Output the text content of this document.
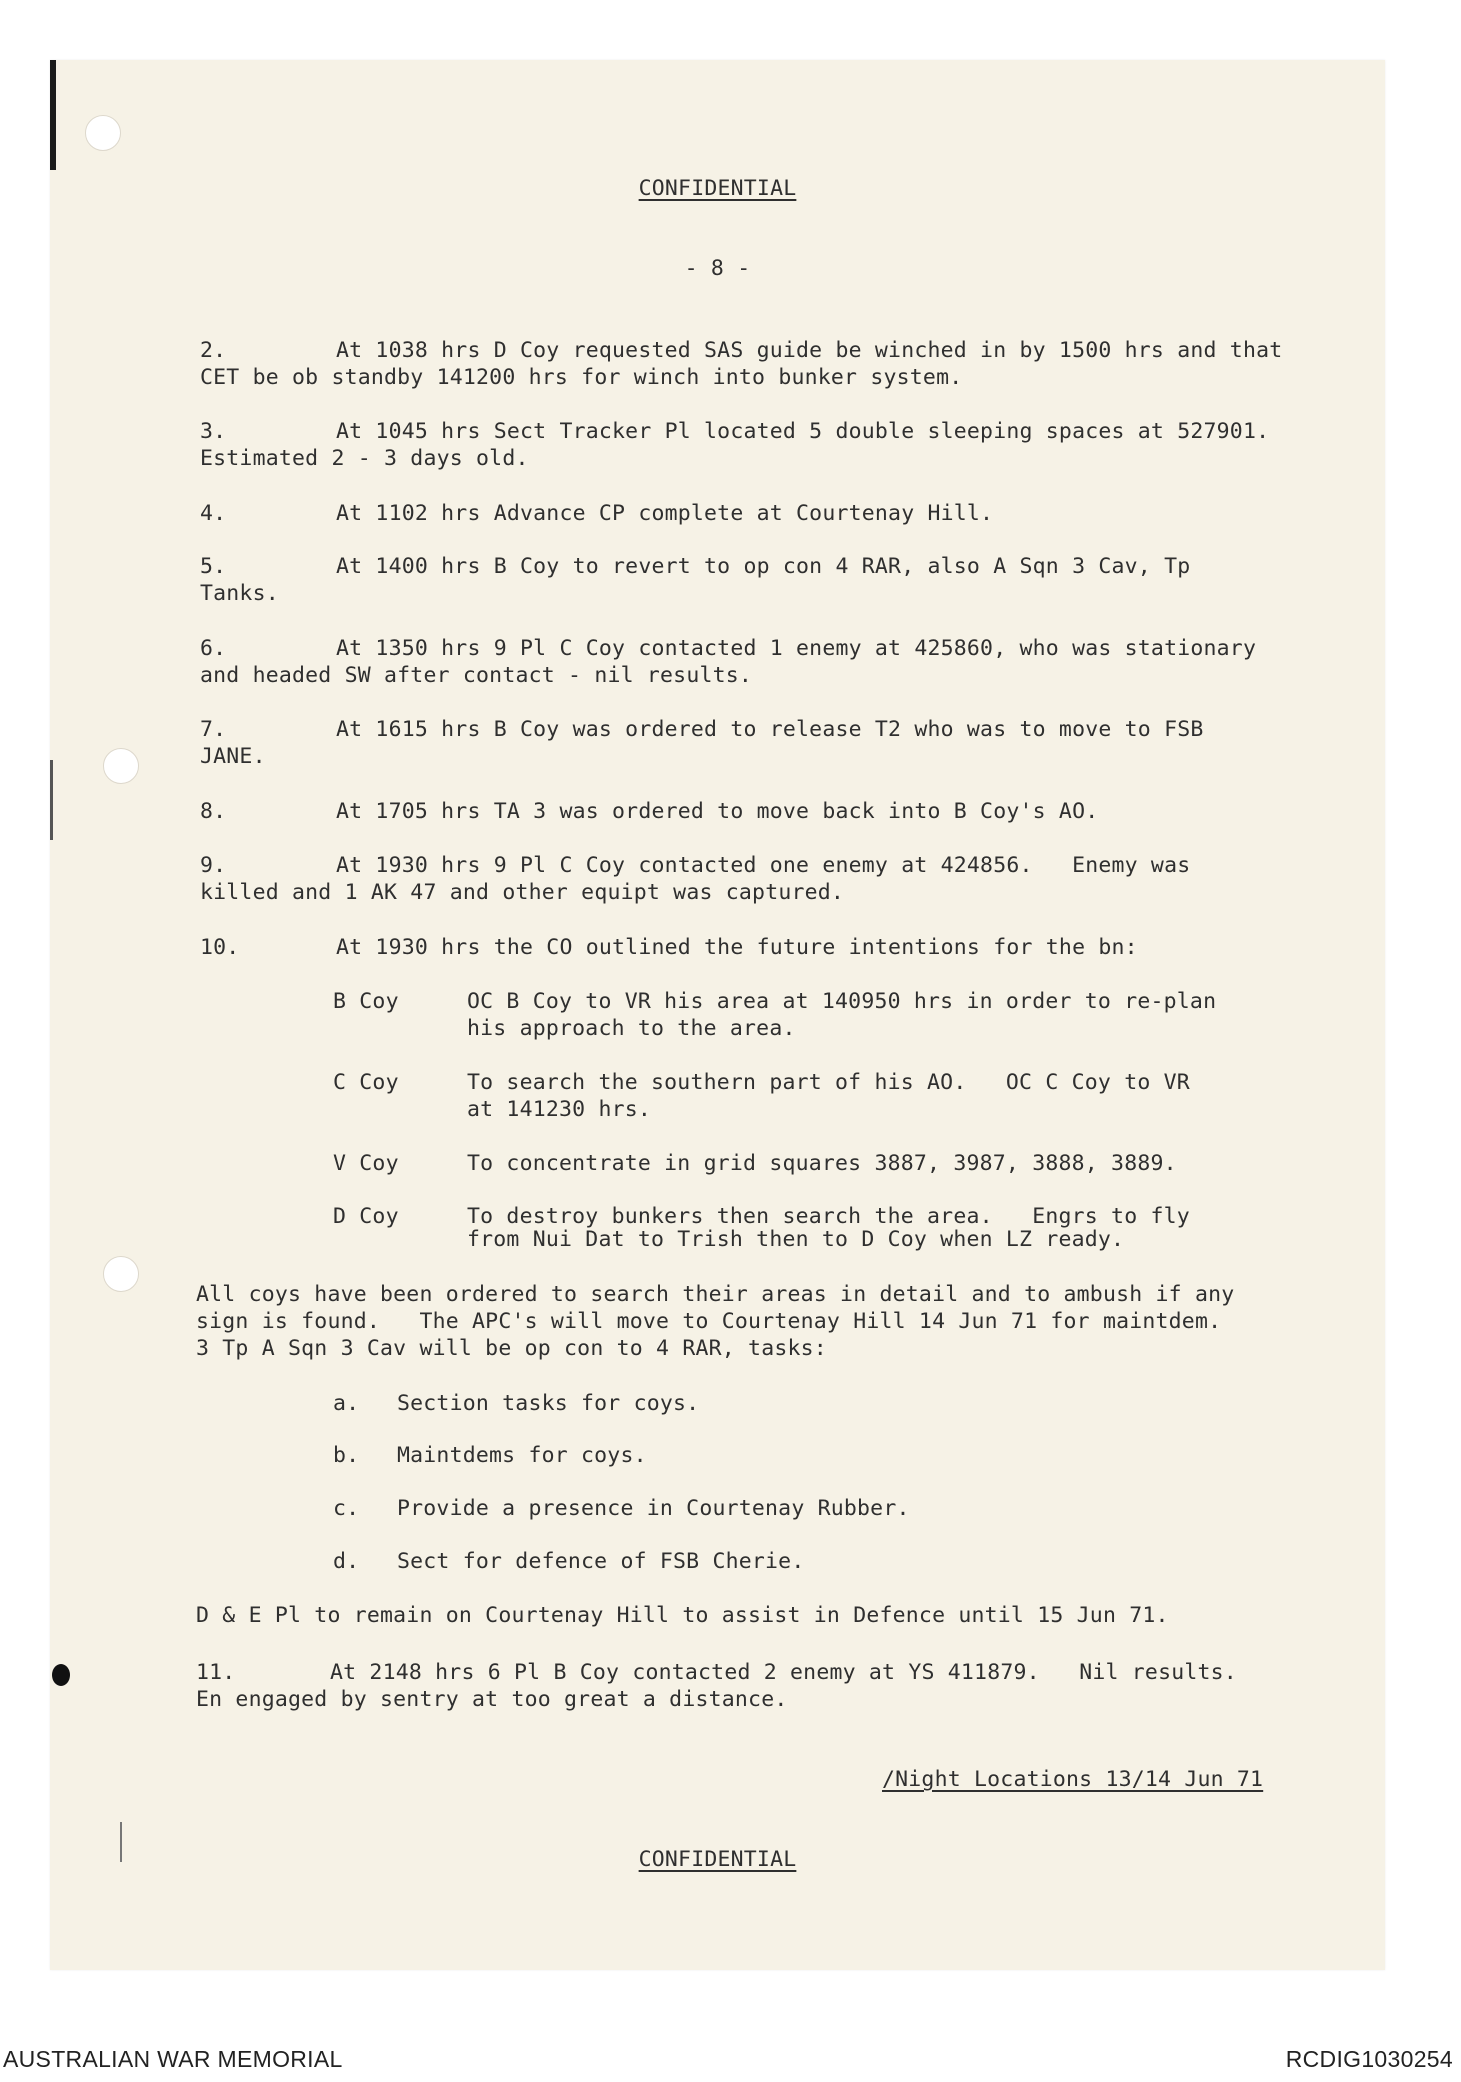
CONFIDENTIAL
- 8 -
2.	At 1038 hrs D Coy requested SAS guide be winched in by 1500 hrs and that
CET be ob standby 141200 hrs for winch into bunker system.
3.	At 1045 hrs Sect Tracker Pl located 5 double sleeping spaces at 527901.
Estimated 2 - 3 days old.
4.	At 1102 hrs Advance CP complete at Courtenay Hill.
5.	At 1400 hrs B Coy to revert to op con 4 RAR, also A Sqn 3 Cav, Tp
Tanks.
6.	At 1350 hrs 9 Pl C Coy contacted 1 enemy at 425860, who was stationary
and headed SW after contact - nil results.
7.	At 1615 hrs B Coy was ordered to release T2 who was to move to FSB
JANE.
8.	At 1705 hrs TA 3 was ordered to move back into B Coy's AO.
9.	At 1930 hrs 9 Pl C Coy contacted one enemy at 424856.   Enemy was
killed and 1 AK 47 and other equipt was captured.
10.	At 1930 hrs the CO outlined the future intentions for the bn:
B Coy	OC B Coy to VR his area at 140950 hrs in order to re-plan
his approach to the area.
C Coy	To search the southern part of his AO.   OC C Coy to VR
at 141230 hrs.
V Coy	To concentrate in grid squares 3887, 3987, 3888, 3889.
D Coy	To destroy bunkers then search the area.   Engrs to fly
from Nui Dat to Trish then to D Coy when LZ ready.
All coys have been ordered to search their areas in detail and to ambush if any
sign is found.   The APC's will move to Courtenay Hill 14 Jun 71 for maintdem.
3 Tp A Sqn 3 Cav will be op con to 4 RAR, tasks:
a. Section tasks for coys.
b. Maintdems for coys.
c. Provide a presence in Courtenay Rubber.
d. Sect for defence of FSB Cherie.
D & E Pl to remain on Courtenay Hill to assist in Defence until 15 Jun 71.
11.	At 2148 hrs 6 Pl B Coy contacted 2 enemy at YS 411879.   Nil results.
En engaged by sentry at too great a distance.
/Night Locations 13/14 Jun 71
CONFIDENTIAL
AUSTRALIAN WAR MEMORIAL	RCDIG1030254
